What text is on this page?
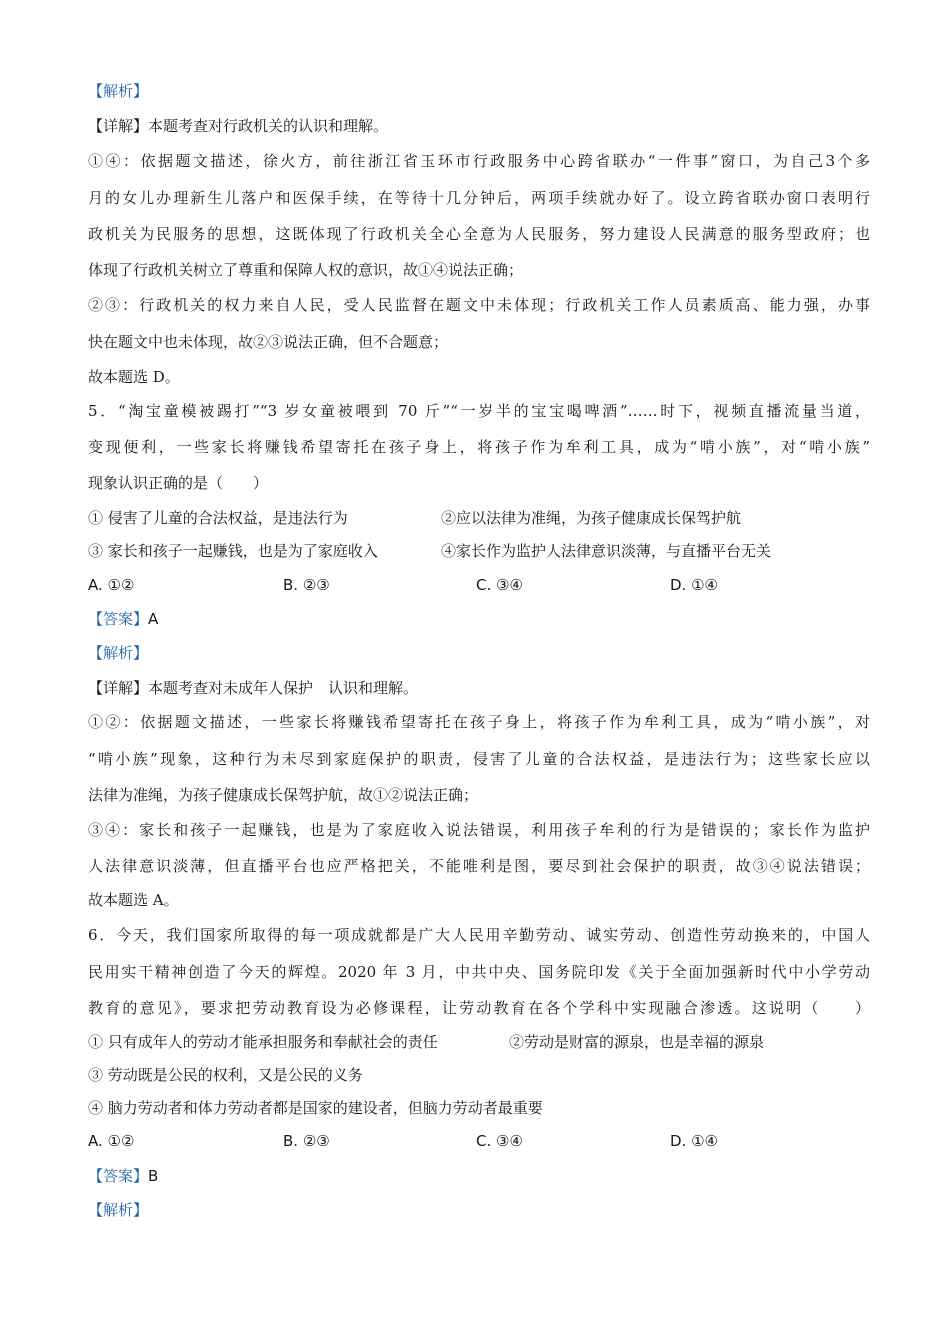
【解析】
【详解】本题考查对行政机关的认识和理解。
①④：依据题文描述，徐火方，前往浙江省玉环市行政服务中心跨省联办“一件事”窗口，为自己3个多
月的女儿办理新生儿落户和医保手续，在等待十几分钟后，两项手续就办好了。设立跨省联办窗口表明行
政机关为民服务的思想，这既体现了行政机关全心全意为人民服务，努力建设人民满意的服务型政府；也
体现了行政机关树立了尊重和保障人权的意识，故①④说法正确；
②③：行政机关的权力来自人民，受人民监督在题文中未体现；行政机关工作人员素质高、能力强，办事
快在题文中也未体现，故②③说法正确，但不合题意；
故本题选 D。
5．“淘宝童模被踢打”“3 岁女童被喂到 70 斤”“一岁半的宝宝喝啤酒”……时下，视频直播流量当道，
变现便利，一些家长将赚钱希望寄托在孩子身上，将孩子作为牟利工具，成为“啃小族”，对“啃小族”
现象认识正确的是（　　）
① 侵害了儿童的合法权益，是违法行为	②应以法律为准绳，为孩子健康成长保驾护航
③ 家长和孩子一起赚钱，也是为了家庭收入	④家长作为监护人法律意识淡薄，与直播平台无关
A. ①②	B. ②③	C. ③④	D. ①④
【答案】A
【解析】
【详解】本题考查对未成年人保护　认识和理解。
①②：依据题文描述，一些家长将赚钱希望寄托在孩子身上，将孩子作为牟利工具，成为“啃小族”，对
“啃小族”现象，这种行为未尽到家庭保护的职责，侵害了儿童的合法权益，是违法行为；这些家长应以
法律为准绳，为孩子健康成长保驾护航，故①②说法正确；
③④：家长和孩子一起赚钱，也是为了家庭收入说法错误，利用孩子牟利的行为是错误的；家长作为监护
人法律意识淡薄，但直播平台也应严格把关，不能唯利是图，要尽到社会保护的职责，故③④说法错误；
故本题选 A。
6．今天，我们国家所取得的每一项成就都是广大人民用辛勤劳动、诚实劳动、创造性劳动换来的，中国人
民用实干精神创造了今天的辉煌。2020 年 3 月，中共中央、国务院印发《关于全面加强新时代中小学劳动
教育的意见》，要求把劳动教育设为必修课程，让劳动教育在各个学科中实现融合渗透。这说明（　　）
① 只有成年人的劳动才能承担服务和奉献社会的责任	②劳动是财富的源泉，也是幸福的源泉
③ 劳动既是公民的权利，又是公民的义务
④ 脑力劳动者和体力劳动者都是国家的建设者，但脑力劳动者最重要
A. ①②	B. ②③	C. ③④	D. ①④
【答案】B
【解析】
